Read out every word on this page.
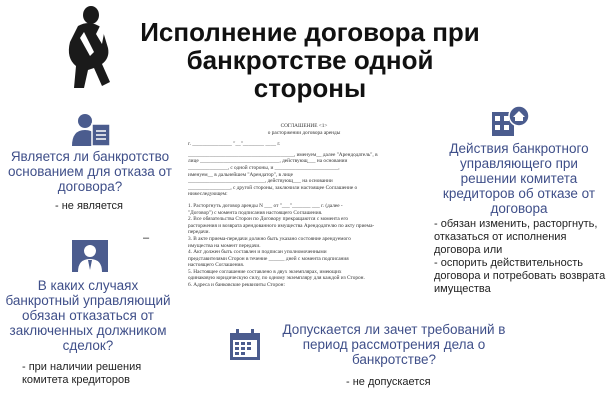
Исполнение договора при банкротстве одной стороны
Является ли банкротство основанием для отказа от договора?
- не является
–
В каких случаях банкротный управляющий обязан отказаться от заключенных должником сделок?
- при наличии решения комитета кредиторов
Действия банкротного управляющего при решении комитета кредиторов об отказе от договора
- обязан изменить, расторгнуть, отказаться от исполнения договора или
- оспорить действительность договора и потребовать возврата имущества
Допускается ли зачет требований в период рассмотрения дела о банкротстве?
- не допускается

СОГЛАШЕНИЕ <1>

о расторжении договора аренды

г. _______________ "__"________ ____ г.

________________________________________, именуем__ далее "Арендодатель", в

лице ______________________________, действующ___ на основании

_______________, с одной стороны, и ________________________,

именуем__ в дальнейшем "Арендатор", в лице

_____________________________, действующ___ на основании

________________, с другой стороны, заключили настоящее Соглашение о

нижеследующем:

1. Расторгнуть договор аренды N ___ от "___"_______ ___ г. (далее -

"Договор") с момента подписания настоящего Соглашения.

2. Все обязательства Сторон по Договору прекращаются с момента его

расторжения и возврата арендованного имущества Арендодателю по акту приема-

передачи.

3. В акте приема-передачи должно быть указано состояние арендуемого

имущества на момент передачи.

4. Акт должен быть составлен и подписан уполномоченными

представителями Сторон в течение ______ дней с момента подписания

настоящего Соглашения.

5. Настоящее соглашение составлено в двух экземплярах, имеющих

одинаковую юридическую силу, по одному экземпляру для каждой из Сторон.

6. Адреса и банковские реквизиты Сторон:
